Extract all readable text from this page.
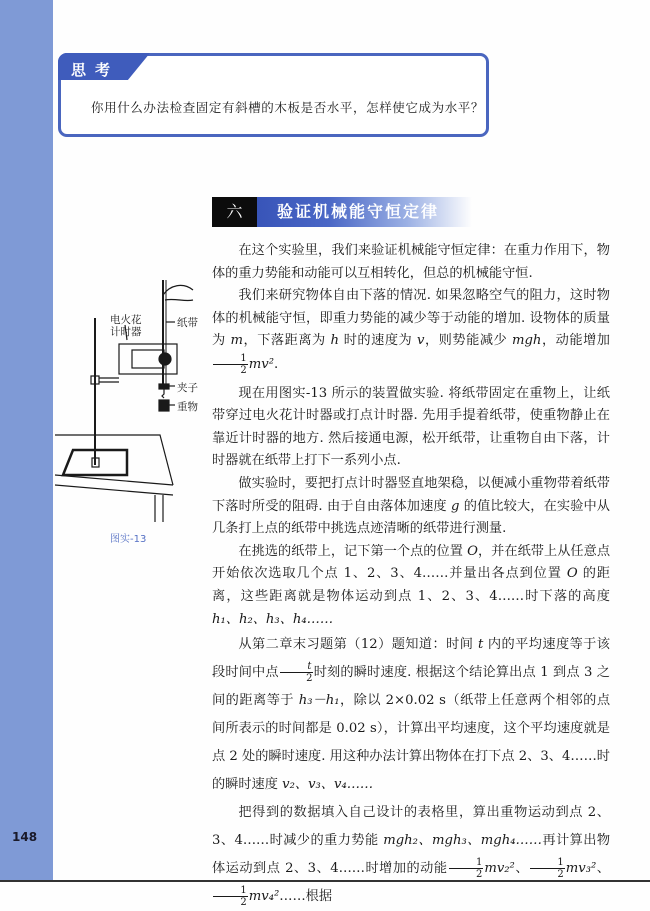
148
思考
你用什么办法检查固定有斜槽的木板是否水平，怎样使它成为水平？
六	验证机械能守恒定律
电火花
计时器
纸带
夹子
重物
图实-13

在这个实验里，我们来验证机械能守恒定律：在重力作用下，物体的重力势能和动能可以互相转化，但总的机械能守恒.

我们来研究物体自由下落的情况. 如果忽略空气的阻力，这时物体的机械能守恒，即重力势能的减少等于动能的增加. 设物体的质量为 m，下落距离为 h 时的速度为 v，则势能减少 mgh，动能增加
$\frac{1}{2} mv^2$.

现在用图实-13 所示的装置做实验. 将纸带固定在重物上，让纸带穿过电火花计时器或打点计时器. 先用手提着纸带，使重物静止在靠近计时器的地方. 然后接通电源，松开纸带，让重物自由下落，计时器就在纸带上打下一系列小点.

做实验时，要把打点计时器竖直地架稳，以便减小重物带着纸带下落时所受的阻碍. 由于自由落体加速度 g 的值比较大，在实验中从几条打上点的纸带中挑选点迹清晰的纸带进行测量.

在挑选的纸带上，记下第一个点的位置 O，并在纸带上从任意点开始依次选取几个点 1、2、3、4……并量出各点到位置 O 的距离，这些距离就是物体运动到点 1、2、3、4……时下落的高度 h₁、h₂、h₃、h₄……

从第二章末习题第（12）题知道：时间 t 内的平均速度等于该段时间中点 $\frac{t}{2}$ 时刻的瞬时速度. 根据这个结论算出点 1 到点 3 之间的距离等于 h₃－h₁，除以 2×0.02 s（纸带上任意两个相邻的点间所表示的时间都是 0.02 s），计算出平均速度，这个平均速度就是点 2 处的瞬时速度. 用这种办法计算出物体在打下点 2、3、4……时的瞬时速度 v₂、v₃、v₄……

把得到的数据填入自己设计的表格里，算出重物运动到点 2、3、4……时减少的重力势能 mgh₂、mgh₃、mgh₄……再计算出物体运动到点 2、3、4……时增加的动能 $\frac{1}{2} mv_2^2$、 $\frac{1}{2} mv_3^2$、
$\frac{1}{2}$ mv₄²……根据
